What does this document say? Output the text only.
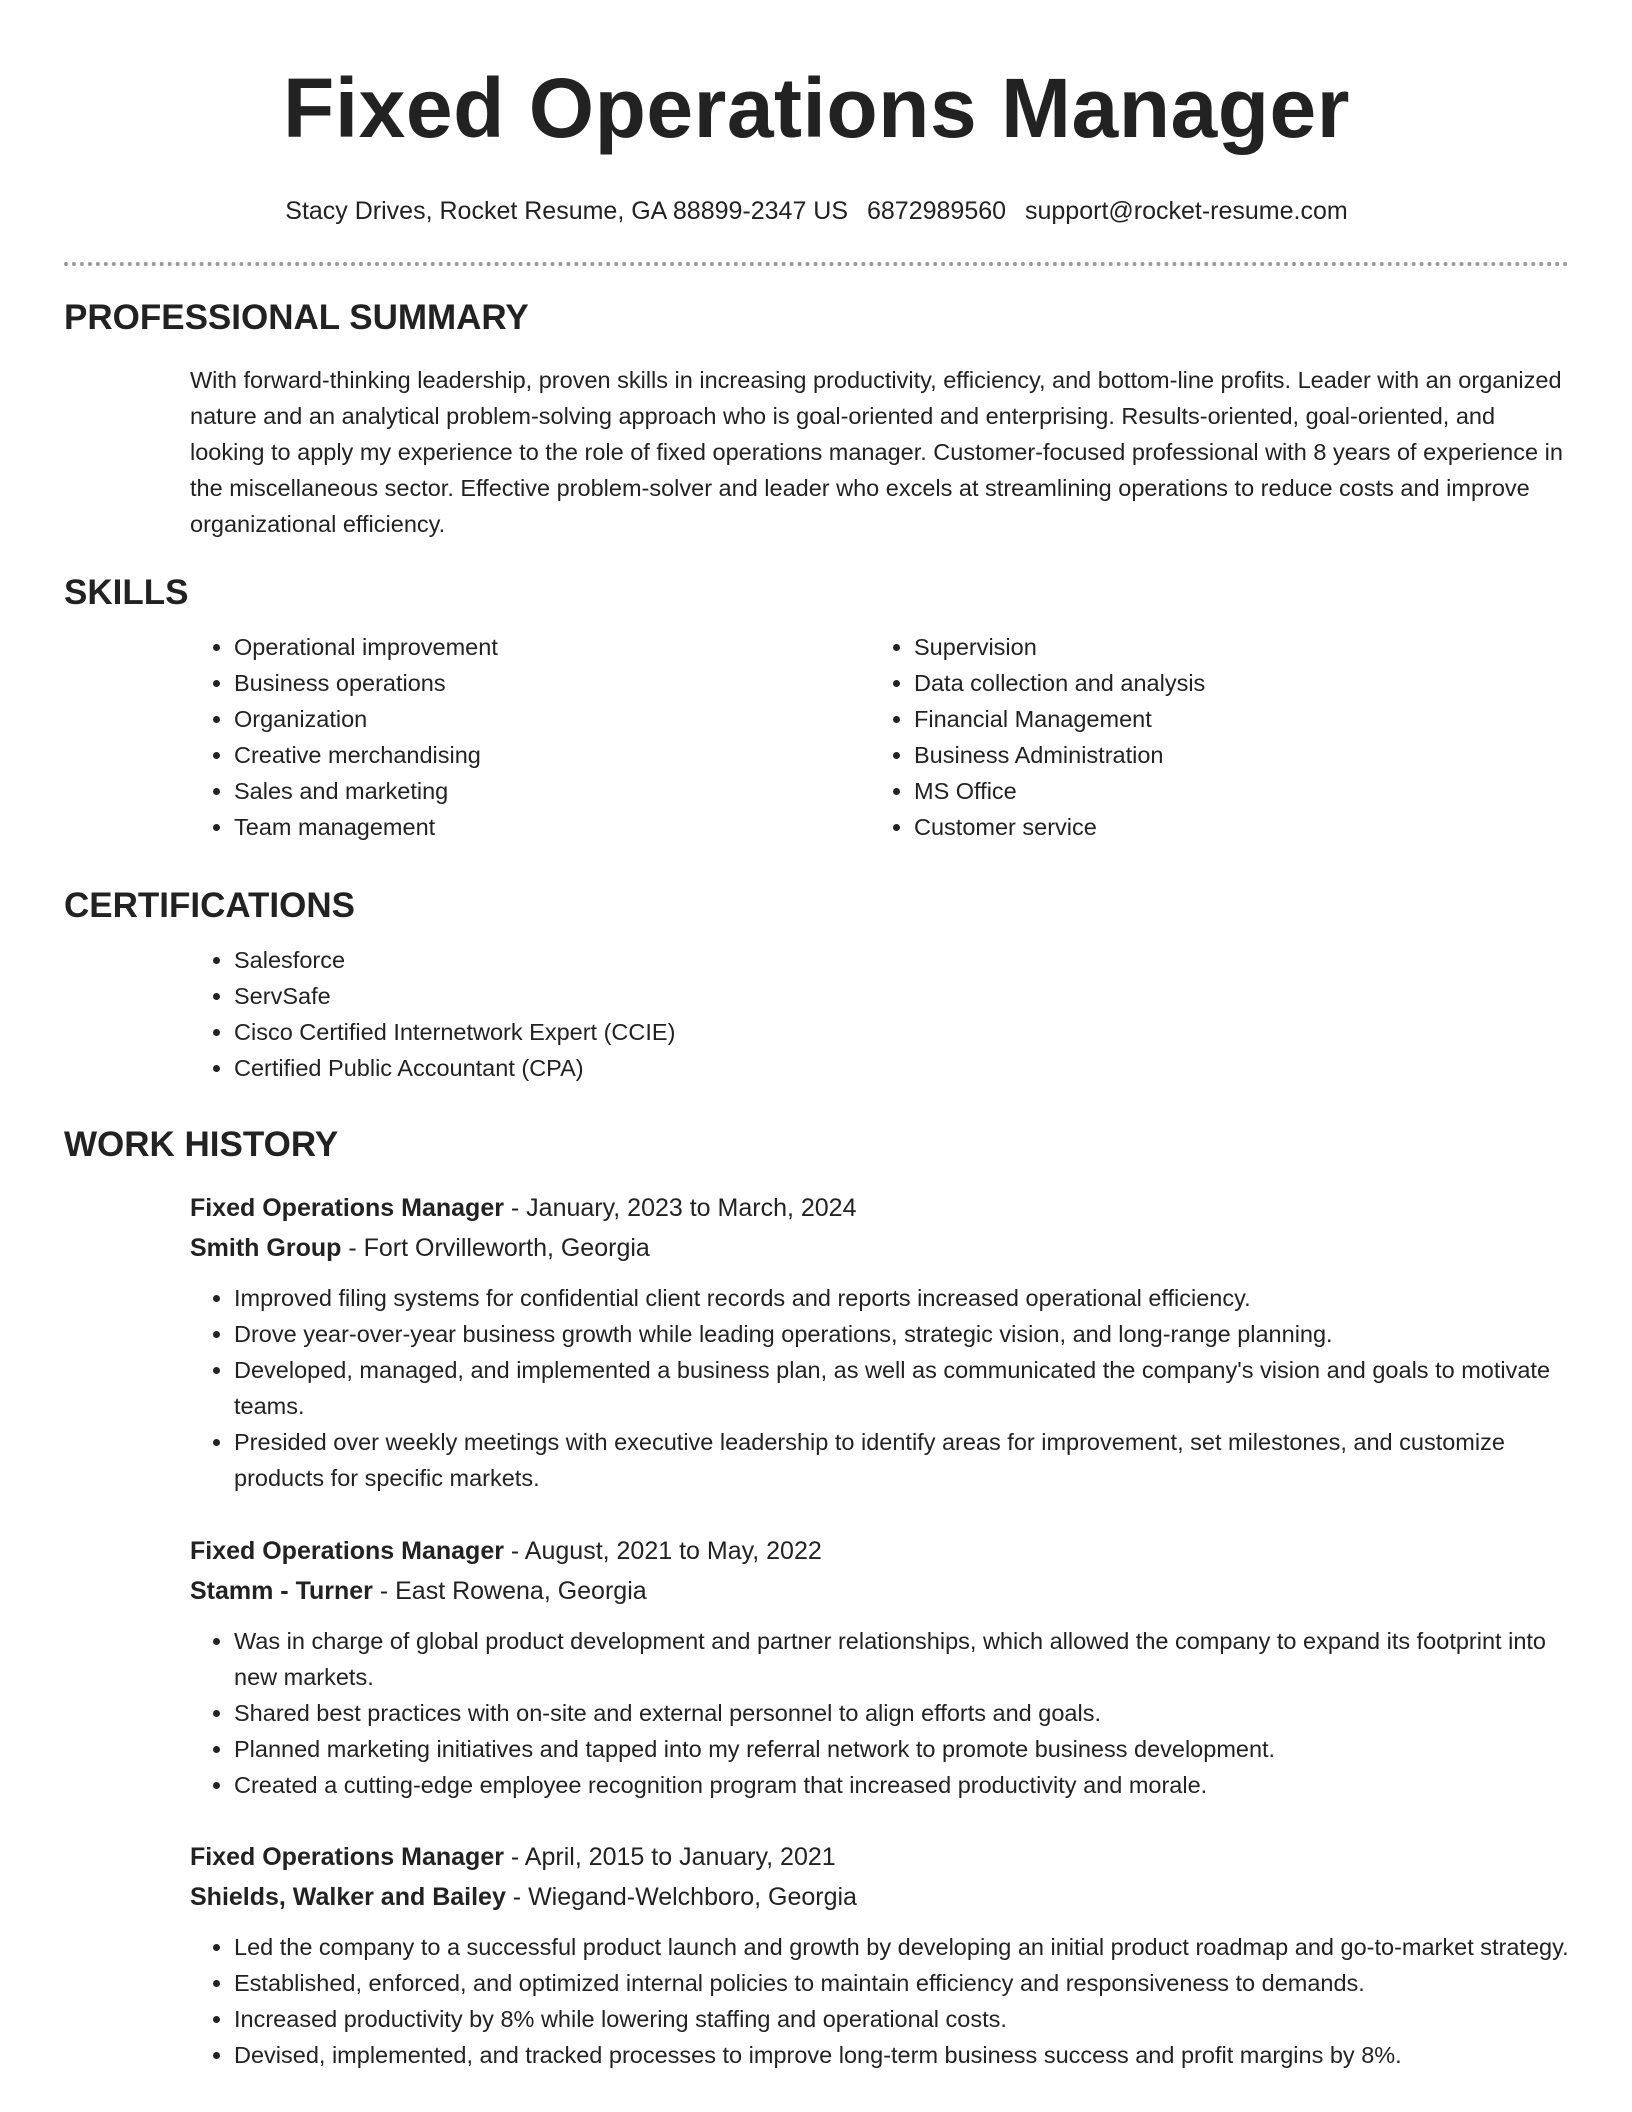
Fixed Operations Manager
Stacy Drives, Rocket Resume, GA 88899-2347 US 6872989560 support@rocket-resume.com
PROFESSIONAL SUMMARY

With forward-thinking leadership, proven skills in increasing productivity, efficiency, and bottom-line profits. Leader with an organized nature and an analytical problem-solving approach who is goal-oriented and enterprising. Results-oriented, goal-oriented, and looking to apply my experience to the role of fixed operations manager. Customer-focused professional with 8 years of experience in the miscellaneous sector. Effective problem-solver and leader who excels at streamlining operations to reduce costs and improve organizational efficiency.

SKILLS
• Operational improvement
• Business operations
• Organization
• Creative merchandising
• Sales and marketing
• Team management
• Supervision
• Data collection and analysis
• Financial Management
• Business Administration
• MS Office
• Customer service
CERTIFICATIONS
• Salesforce
• ServSafe
• Cisco Certified Internetwork Expert (CCIE)
• Certified Public Accountant (CPA)
WORK HISTORY
Fixed Operations Manager - January, 2023 to March, 2024
Smith Group - Fort Orvilleworth, Georgia
• Improved filing systems for confidential client records and reports increased operational efficiency.
• Drove year-over-year business growth while leading operations, strategic vision, and long-range planning.
• Developed, managed, and implemented a business plan, as well as communicated the company's vision and goals to motivate teams.
• Presided over weekly meetings with executive leadership to identify areas for improvement, set milestones, and customize products for specific markets.
Fixed Operations Manager - August, 2021 to May, 2022
Stamm - Turner - East Rowena, Georgia
• Was in charge of global product development and partner relationships, which allowed the company to expand its footprint into new markets.
• Shared best practices with on-site and external personnel to align efforts and goals.
• Planned marketing initiatives and tapped into my referral network to promote business development.
• Created a cutting-edge employee recognition program that increased productivity and morale.
Fixed Operations Manager - April, 2015 to January, 2021
Shields, Walker and Bailey - Wiegand-Welchboro, Georgia
• Led the company to a successful product launch and growth by developing an initial product roadmap and go-to-market strategy.
• Established, enforced, and optimized internal policies to maintain efficiency and responsiveness to demands.
• Increased productivity by 8% while lowering staffing and operational costs.
• Devised, implemented, and tracked processes to improve long-term business success and profit margins by 8%.
